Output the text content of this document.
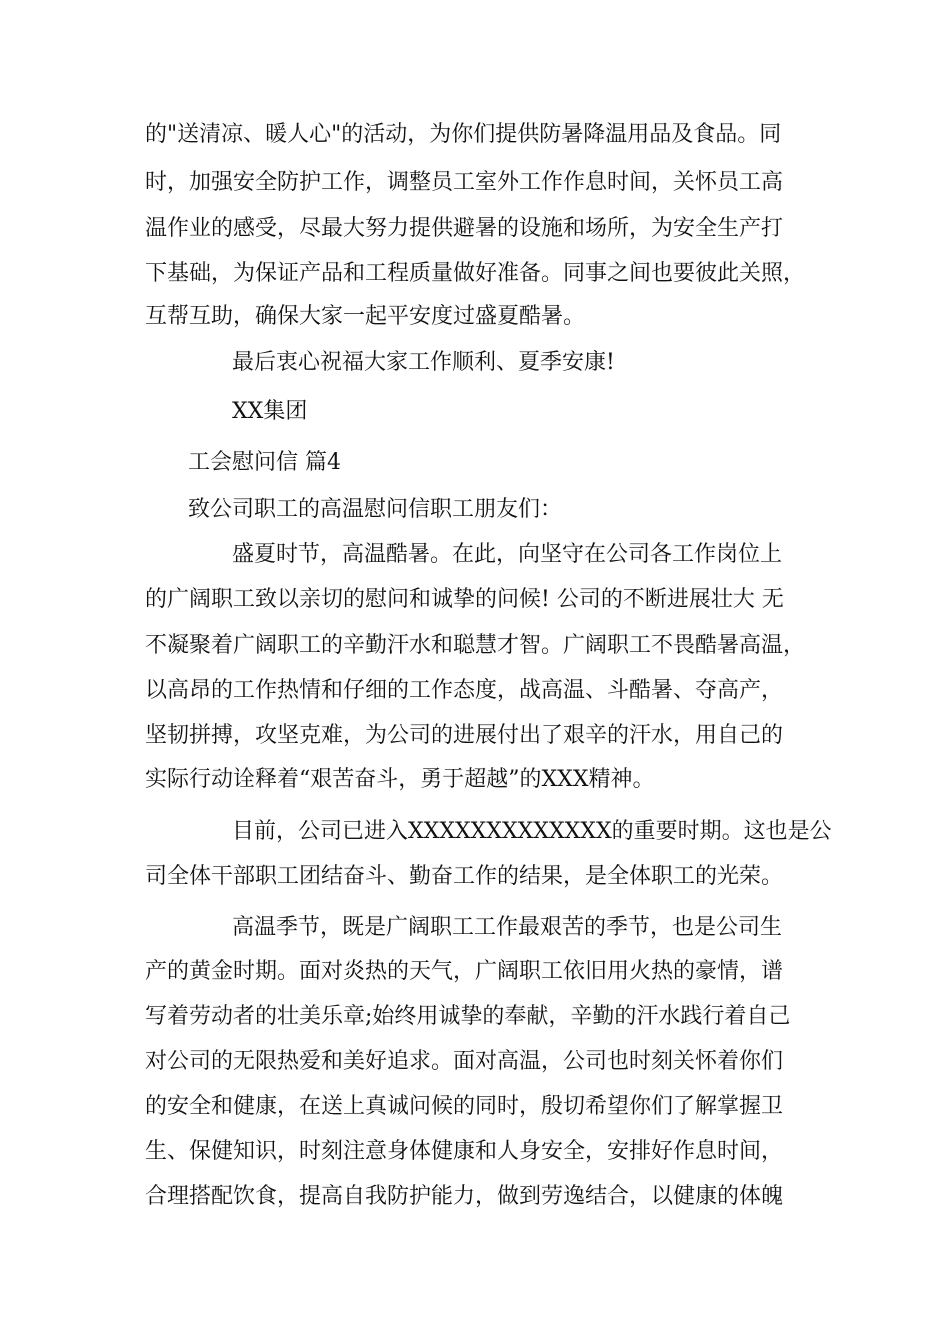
的"送清凉、暖人心"的活动，为你们提供防暑降温用品及食品。同

时，加强安全防护工作，调整员工室外工作作息时间，关怀员工高

温作业的感受，尽最大努力提供避暑的设施和场所，为安全生产打

下基础，为保证产品和工程质量做好准备。同事之间也要彼此关照，

互帮互助，确保大家一起平安度过盛夏酷暑。

最后衷心祝福大家工作顺利、夏季安康!

XX集团

工会慰问信 篇4

致公司职工的高温慰问信职工朋友们：

盛夏时节，高温酷暑。在此，向坚守在公司各工作岗位上

的广阔职工致以亲切的慰问和诚挚的问候! 公司的不断进展壮大 无

不凝聚着广阔职工的辛勤汗水和聪慧才智。广阔职工不畏酷暑高温，

以高昂的工作热情和仔细的工作态度，战高温、斗酷暑、夺高产，

坚韧拼搏，攻坚克难，为公司的进展付出了艰辛的汗水，用自己的

实际行动诠释着“艰苦奋斗，勇于超越”的XXX精神。

目前，公司已进入XXXXXXXXXXXXX的重要时期。这也是公

司全体干部职工团结奋斗、勤奋工作的结果，是全体职工的光荣。

高温季节，既是广阔职工工作最艰苦的季节，也是公司生

产的黄金时期。面对炎热的天气，广阔职工依旧用火热的豪情，谱

写着劳动者的壮美乐章;始终用诚挚的奉献，辛勤的汗水践行着自己

对公司的无限热爱和美好追求。面对高温，公司也时刻关怀着你们

的安全和健康，在送上真诚问候的同时，殷切希望你们了解掌握卫

生、保健知识，时刻注意身体健康和人身安全，安排好作息时间，

合理搭配饮食，提高自我防护能力，做到劳逸结合，以健康的体魄
